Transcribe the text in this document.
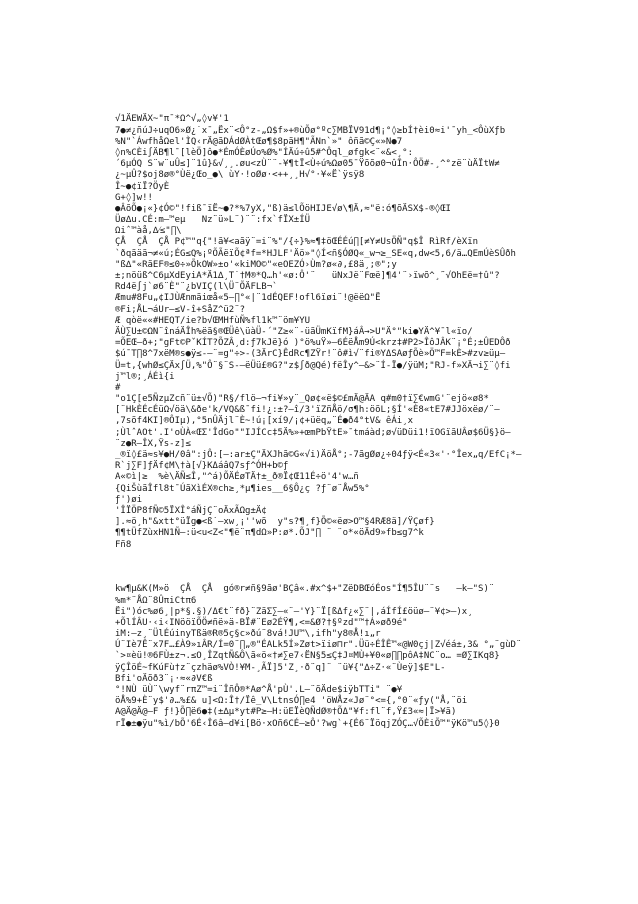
√1ÄEWÄX~"π¯*Ω^√„◊v¥'1
7●≠¿ñúJ÷uqO6»Ø¿˙x¯„Ëx¨<Ô°z-„Ω$f»+®ùÕø°ºc∑MBÏV91d¶¡°◊≥bÍ†èi0≈i'¯yh_<ÔùXƒb
%N"`ÁwfhåΩel'ÌQ‹rÄ@ãDÁdØÀtŒø¶$8pãH¶"ÃNn`»" ôñã©Ç«»N●7
◊n%CÈi∫ÄB¶l¯[lèÖ]ô●*ÉmÓÈøÚo%Ø%"ÍÄú÷û5#^Ôql_øfgk<¨«&<¸°:
´6µÓQ S¨w¨uÛ≤]¨1û}&√¸¸.øu<zÙ¨¨-¥¶tÏ<Ù÷ú%Ωø05¯Ÿõõø0¬ûÎn·ÔÖ#-¸^°zë¨ùÄÏtW≠
¿~µÛ?$oj8ø®°Ùë¿Œo_●\ ùY·!oØø·<++¸¸H√°·¥«Ë`ÿsÿ8
Î~●¢ïÏ?ÖyÈ
G+◊]w!!
●ÂõÕ●¡«}¢Ó©"!fiß¯ïË~●?*%7yX,"ß)ä≤lÕöHIJE√ø\¶Ä,≈"ë:ó¶õÄSX$-®◊ŒI
Üø∆u.CÉ:m—™eµ   Nz¨ü»L¨)¨¨:fx`fÏX±ÍÜ
Ωiˆ™àå,∆⁄≤"∏\
ÇÅ  ÇÅ  ÇÅ P¢™"q{"!ã¥<aãÿ¨=i¨%"/{÷}%≈¶‡öŒÉÉú∏[≠Y≠UsÖÑ"q$Î RìRf/èXïn
`ðqãäã¬≠«ú;ÉG≤Q%¡ºÕÃëïÕ¢ªf=*HJLF'Äö»"◊Í<ñ§ÓØQ«_w¬≥_SE«q,dw<5,6/ä…QEmÚèSÛðh
"ß∆"«RãEF®≤0÷»ÕkOW»±o'«kiMO©"«eOEZÓ›Ùm?ø«∂,£8ä¸;®";y
±;nöüß^C6µXdEyiA*Ä1∆¸T˙†M®*Q…h'«ø:Ô'¨   üNxJë¨Fœë]¶4'¨›ïwõ^¸˜√OhEë=†û"?
Rd4ë∫j`ø6¨È"¨¿bVIÇ(l\Ü¨ÕÄFLB¬`
Æmu#8Fu„¢IJÙÆnmãiœå«5—∏°«|¨1dÉQEF!ofl6ïøi¨!@ëëΩ"Ë
®Fi;ÅL¬áUr—≤V-î+SåZ^ü2¨?
Æ qòë««#HEQT/ie?b√ŒMHfùÑ%fl1k™¨öm¥YU
ÄÙ∑U±©ΩN¨înáÄÎh%ëã§®ŒÜê\üàÜ-´"Z≥«¨-üãÜmKïfM}áÂ→>U"Ä°"ki●YÄ^¥¯l«ïo/
=ÕEŒ—ð+;"gFt©PˇKÍT?ÕZÂ¸d:ƒ7kJë}ó )°ö%uŸ»—6ÉëÅm9Ú<krz‡#P2>ÎôJÂK¨¡°É;±ÛEDÔð
$ú¯T∏8^7xëM®s●ÿ≤-–¨=g"÷>-(3ÄrC}ÊdRc¶ZŸr!¨ô#ì√¨fi®YΔSAøƒÕè»Ö™F=kÈ>#zv≥üµ–
Ü=t,{whØ≤ÇÄx∫Ü,%"Ô¨§¨S-–ëÜü£®G?"z$∫ð@Qé)fëÎy^–&>¨Í-Ï●/ÿüM;"RJ-f»XÄ¬i∑¨◊fi
j™l®;¸ÁÉì{i
#
"o1Ç[e5ÑzµZcñ¨ü±√Õ)"R§/flö–¬fi¥»y¨_Qø¢«ë$©£mÄ@ÄA q#m0†ï∑€wmG'¨ejö«ø8*
[¨HkÈÉcÉüΩ√öä\&ðe'k/VQ&ß¯fi!¿:±?–î/3'ïZñÅö/σ¶h:öõL;§Í'«È8«tE7#JJöxëø/¨–
,7sõf4KI]®ÔIµ),°5nÛÄjl¨È~!ú¡[xí9/¡¢+üëq„¨É●ð4°tV& êÁi¸x
;ÙlˆAOt'.I'oÙÀ«ŒΣ'ÎdGo""IJÍCc‡5Ä%»+œmPbŸtE»¯tmáàd;ø√üDüi1!ïOGïãUÂø$6Ü§}ö—
¨z●R—ÎX,Ÿs-z]≤
_®ï◊£ä≈s¥●H/0â":jÔ:[–:ar±Ç"ÄXJhã©G«√i)ÄöÅ°;-7ãgØø¿÷04ƒÿ<É«3«'·°Îex„q/EfC¡*–
R`j∑F]ƒÄf¢M\†à[√}KΔáâQ7sƒ^ÓH+b©ƒ
A«©ì|≥  %è\ÄÑ≤Î,"^á)ÕÄÉøTÄ†±_ð®Ï¢Œ11É÷ö'4'w…ñ
{QiŠùãÎfl8t¯ÚãXìÉX®ch≥¸*µ¶ies__6§Ô¿ç ?ƒ¨ø¨Åw5%°
ƒ')øi
'ÎÏÖP8fÑ©5ÏXÎ°áÑjÇ¨oÄxÃΩg±Ä¢
].≈ö¸h"&xtt°üÏg●<ß˙–xw¸¡''wõ  y"s?¶¸f}Õ©«ëø>O™§4RÆ8ä]/ŸÇøf}
¶¶tÜfZùxHN1Ñ–:ü<u<Z<"¶ë¨π¶dΩ»P:ø*.ÕJ"∏ ¨ ¨o*«öÄd9»fb≤g7^k
Fñ8

kw¶µ&K(M»ö  ÇÅ  ÇÅ  gó®r≠ñ§9ãø'BÇâ«.#x^$+"ZëDBŒóÉos"Í¶5ÎU¨¨s   —k—"S)¨
%m*¨ÅΩ¨8ÛπiCtπ6
Ëi")óc%ø6¸|p*§.§)/Δ€t¨fð}¨ZãΣ∑–«¨–'Y}¨Ï[ßΔf¿«∑¨|,áÍfÍ£öüø–¨¥¢>—)x¸
+ÕlÍÂU·‹i‹INööïÕÖ≠ñë»ä-BÏ#¨Eø2ÉŸ¶,<=&Ø?†§ºzd"™†Á»øð9é"
iM:–z¸¨ÜlÉúinyTßä®R®5ç§c»ðú¨8vá!JU™\,ifh"y8®Å!ı„r
Ú¨Iè7Ê¨x7F…£À9»ıÂR/Í=0¨∏„®"ÉALk5Í»Zøt>ïiø⊓r".Üü÷ÉÎÊ™«@W0çj|Z√éá±,3& °„¨gùD¨
`>¤èü!®6FÙ±z¬.≤O¸ÎZqtÑ&Ô\ã«ö«†≠∑e7‹ËN§5≤Ç‡J¤MÙ+¥0«ø∏∏pôA‡NC¨o… =Ø∑IKq8}
ÿÇÎöÉ~fKúFù†z¨çzhäø%VÒ!¥M-¸ÃÏ]5'Z¸·ð¨q]¨ ¨ü¥{"∆÷Z·«¨Ùeÿ]$E"L-
Bfi'oÄõð3¨¡·≈«∂V€ß
°!NÙ üÙ¨\wyf¨rπZ™=i¨ÎñÔ®*Aø^Å'pÙ'.L–¨õÄde$iÿbTTi" ¨●¥
öÅ%9+È¨y$'∂…%£& u]<Ω:Î†/Ïê_V\LtnsÓ∏e4 'öWÅz«Jø¨°<={,°0¨«ƒy("Å,¨öi
A@Ä@Ä@–F ƒ!}Õ∏ë6●‡(±∆µ*yt#P≥–H:üEÏèQÑdØ®†ÕΔ"¥f:fl¨f,Ÿ£3«≈|Ï>¥ã)
rÏ●±●ÿu"%ì/bÕ'6É‹Î6â–d¥i[Bö·xOñ6CÉ–≥Ô'?wg`+{É6¨ÏöqjZÓÇ…√ÕÈiÕ™"ÿKö™u5◊}0
